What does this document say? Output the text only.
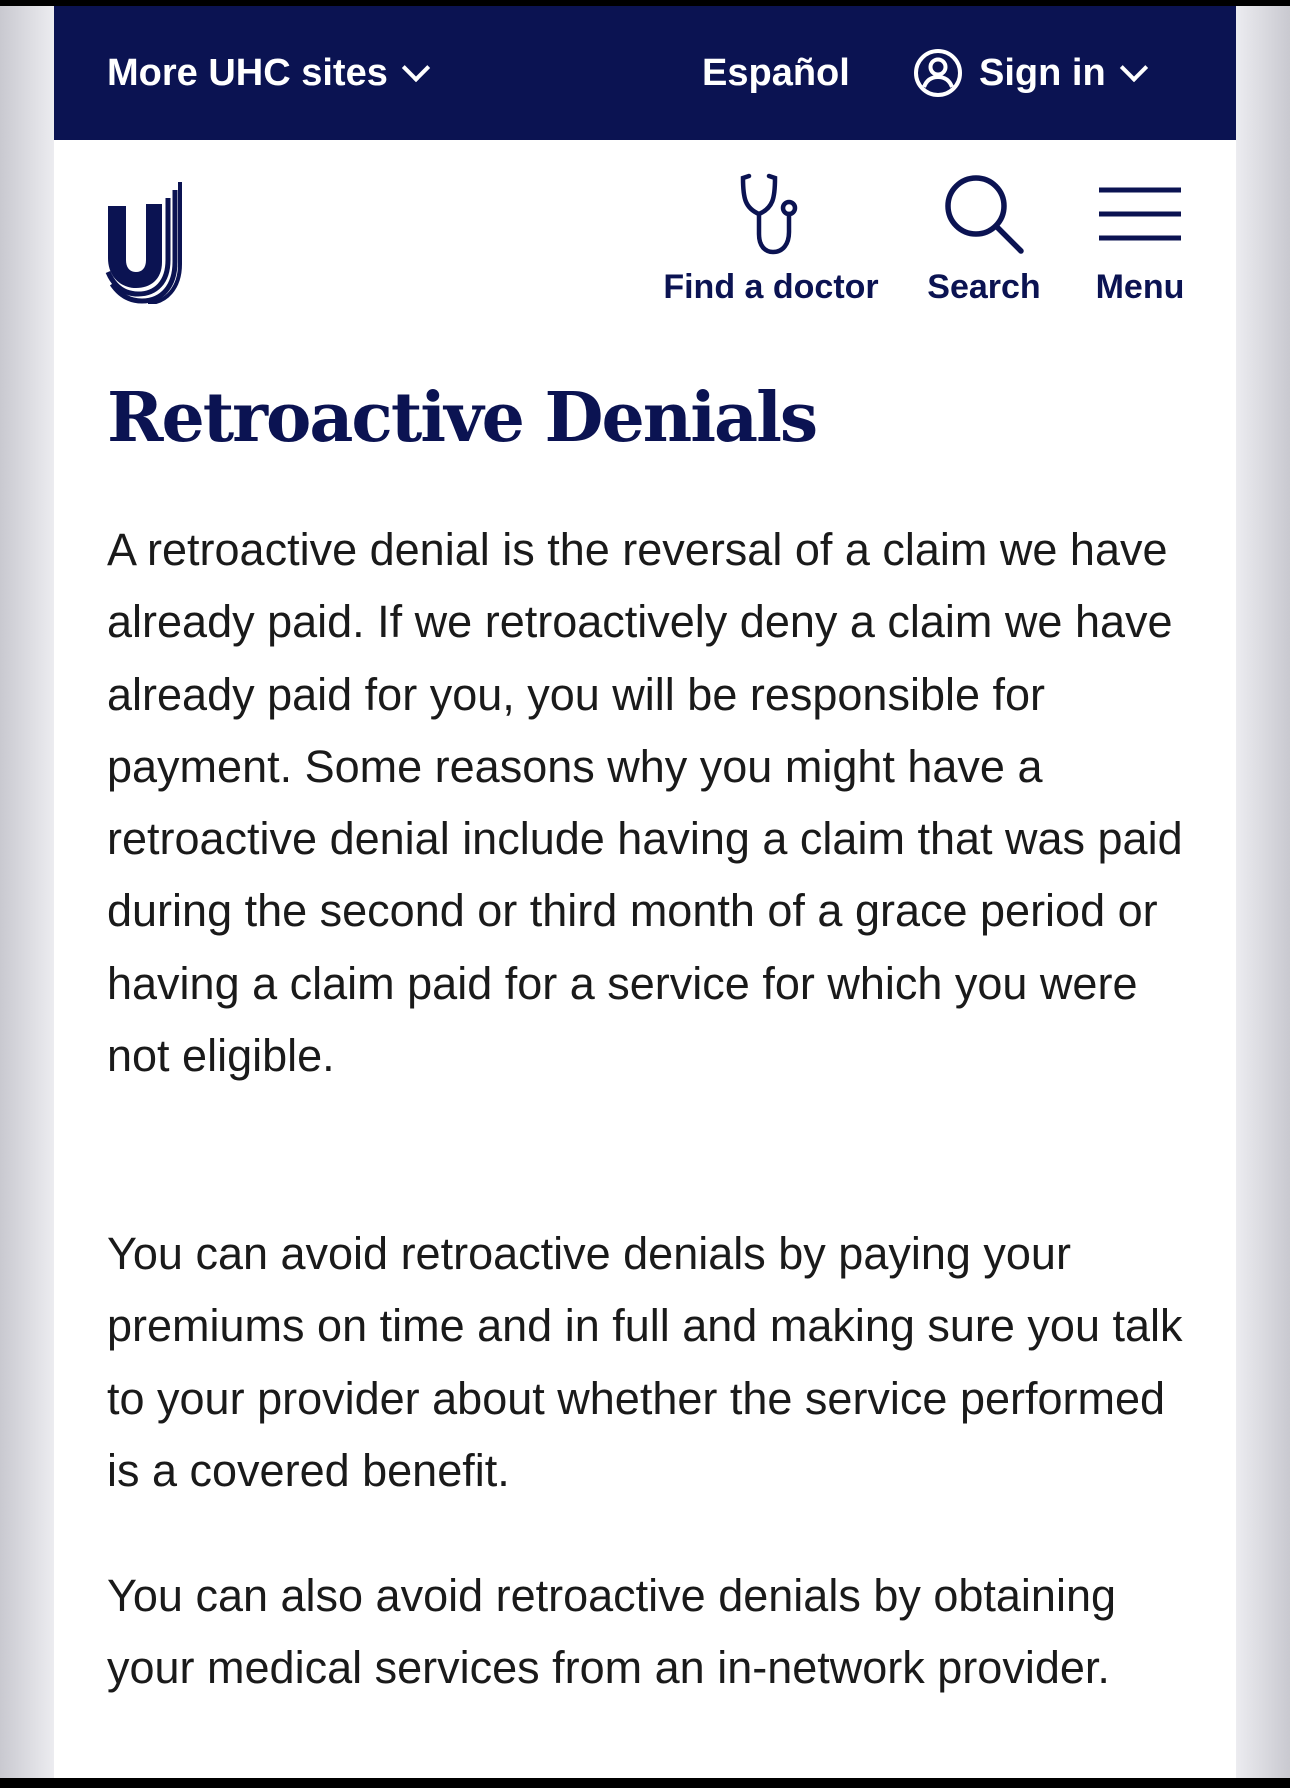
More UHC sites	Español	Sign in
Find a doctor Search Menu
Retroactive Denials

A retroactive denial is the reversal of a claim we have already paid. If we retroactively deny a claim we have already paid for you, you will be responsible for payment. Some reasons why you might have a retroactive denial include having a claim that was paid during the second or third month of a grace period or having a claim paid for a service for which you were not eligible.

You can avoid retroactive denials by paying your premiums on time and in full and making sure you talk to your provider about whether the service performed is a covered benefit.

You can also avoid retroactive denials by obtaining your medical services from an in-network provider.
